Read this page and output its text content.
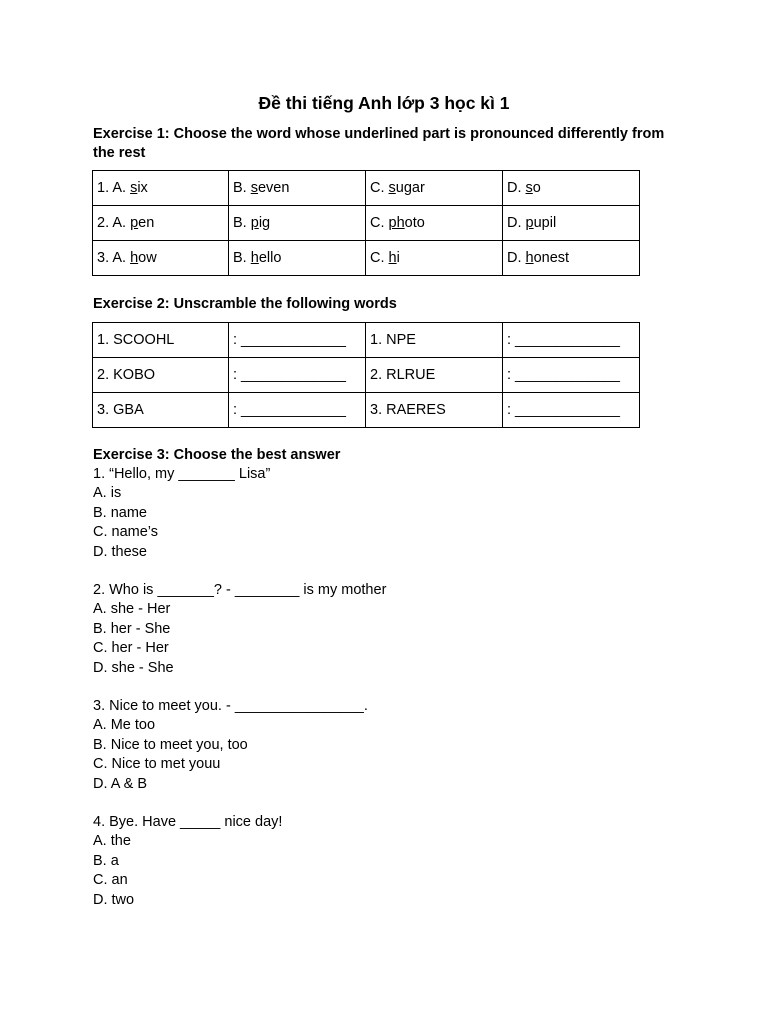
Đề thi tiếng Anh lớp 3 học kì 1

Exercise 1: Choose the word whose underlined part is pronounced differently from the rest

1. A. six	B. seven	C. sugar	D. so
2. A. pen	B. pig	C. photo	D. pupil
3. A. how	B. hello	C. hi	D. honest

Exercise 2: Unscramble the following words

1. SCOOHL	: _____________	1. NPE	: _____________
2. KOBO	: _____________	2. RLRUE	: _____________
3. GBA	: _____________	3. RAERES	: _____________

Exercise 3: Choose the best answer

1. “Hello, my _______ Lisa”
A. is
B. name
C. name’s
D. these
2. Who is _______? - ________ is my mother
A. she - Her
B. her - She
C. her - Her
D. she - She
3. Nice to meet you. - ________________.
A. Me too
B. Nice to meet you, too
C. Nice to met youu
D. A & B
4. Bye. Have _____ nice day!
A. the
B. a
C. an
D. two
